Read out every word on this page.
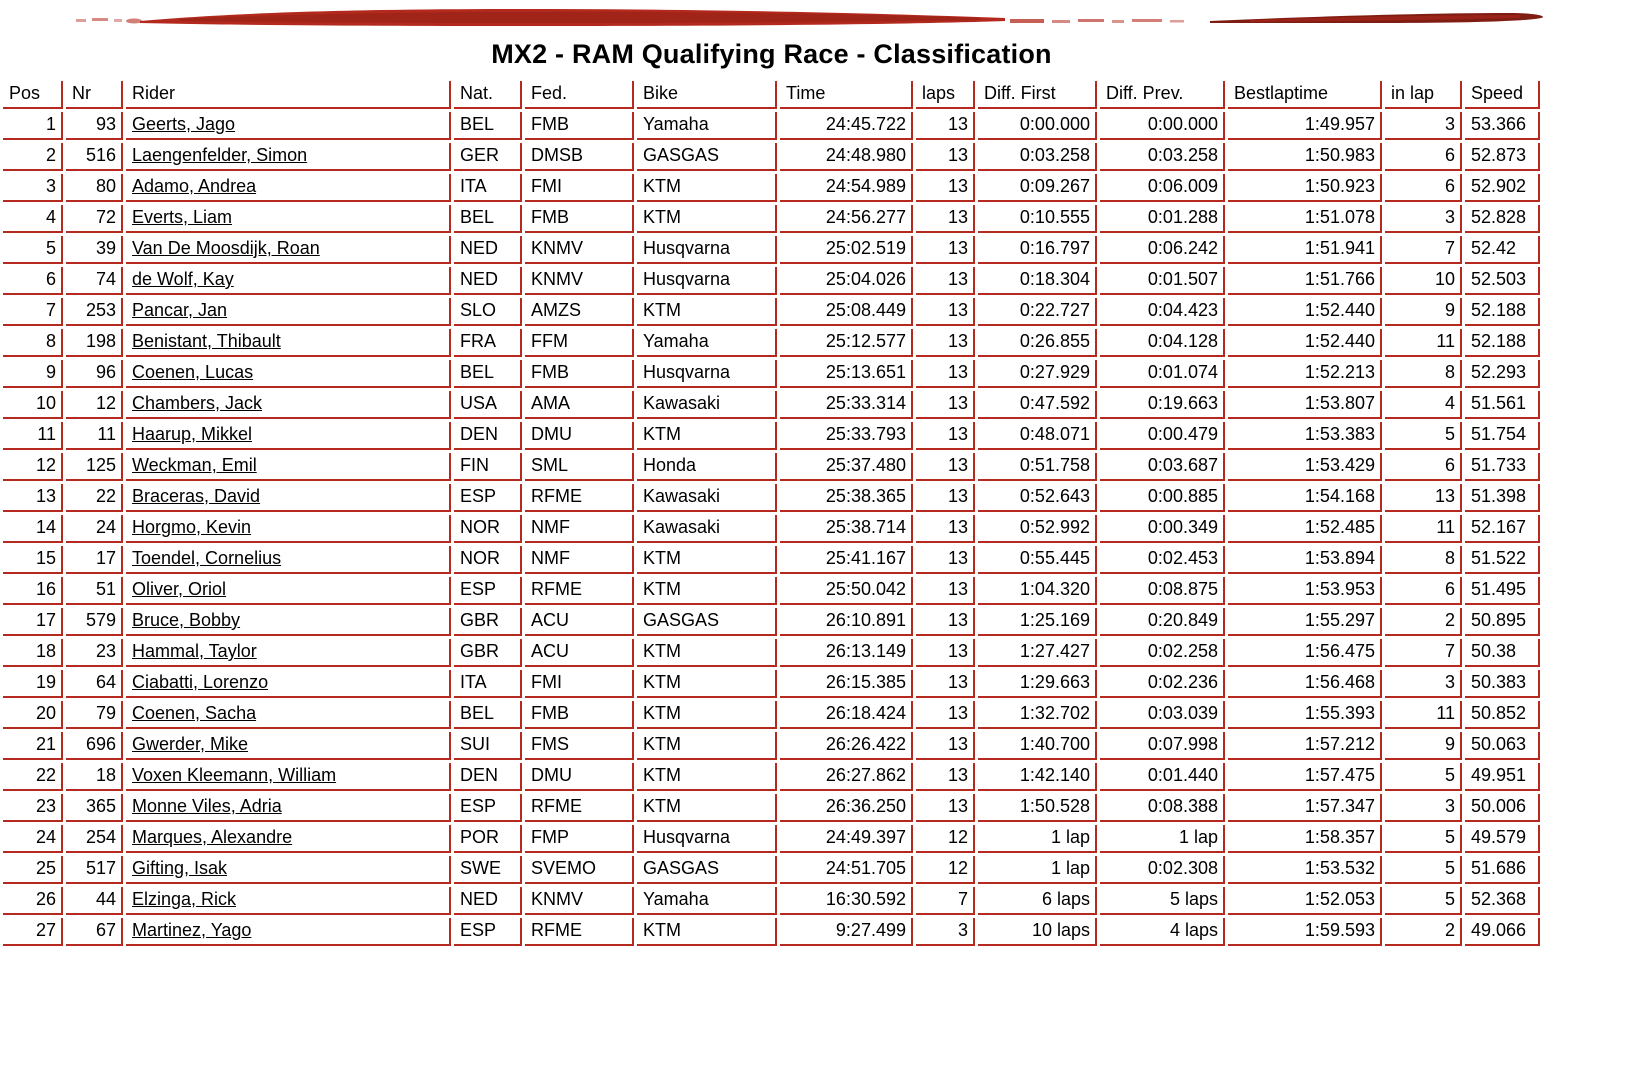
MX2 - RAM Qualifying Race - Classification
Pos	Nr	Rider	Nat.	Fed.	Bike	Time	laps	Diff. First	Diff. Prev.	Bestlaptime	in lap	Speed
1	93	Geerts, Jago	BEL	FMB	Yamaha	24:45.722	13	0:00.000	0:00.000	1:49.957	3	53.366
2	516	Laengenfelder, Simon	GER	DMSB	GASGAS	24:48.980	13	0:03.258	0:03.258	1:50.983	6	52.873
3	80	Adamo, Andrea	ITA	FMI	KTM	24:54.989	13	0:09.267	0:06.009	1:50.923	6	52.902
4	72	Everts, Liam	BEL	FMB	KTM	24:56.277	13	0:10.555	0:01.288	1:51.078	3	52.828
5	39	Van De Moosdijk, Roan	NED	KNMV	Husqvarna	25:02.519	13	0:16.797	0:06.242	1:51.941	7	52.42
6	74	de Wolf, Kay	NED	KNMV	Husqvarna	25:04.026	13	0:18.304	0:01.507	1:51.766	10	52.503
7	253	Pancar, Jan	SLO	AMZS	KTM	25:08.449	13	0:22.727	0:04.423	1:52.440	9	52.188
8	198	Benistant, Thibault	FRA	FFM	Yamaha	25:12.577	13	0:26.855	0:04.128	1:52.440	11	52.188
9	96	Coenen, Lucas	BEL	FMB	Husqvarna	25:13.651	13	0:27.929	0:01.074	1:52.213	8	52.293
10	12	Chambers, Jack	USA	AMA	Kawasaki	25:33.314	13	0:47.592	0:19.663	1:53.807	4	51.561
11	11	Haarup, Mikkel	DEN	DMU	KTM	25:33.793	13	0:48.071	0:00.479	1:53.383	5	51.754
12	125	Weckman, Emil	FIN	SML	Honda	25:37.480	13	0:51.758	0:03.687	1:53.429	6	51.733
13	22	Braceras, David	ESP	RFME	Kawasaki	25:38.365	13	0:52.643	0:00.885	1:54.168	13	51.398
14	24	Horgmo, Kevin	NOR	NMF	Kawasaki	25:38.714	13	0:52.992	0:00.349	1:52.485	11	52.167
15	17	Toendel, Cornelius	NOR	NMF	KTM	25:41.167	13	0:55.445	0:02.453	1:53.894	8	51.522
16	51	Oliver, Oriol	ESP	RFME	KTM	25:50.042	13	1:04.320	0:08.875	1:53.953	6	51.495
17	579	Bruce, Bobby	GBR	ACU	GASGAS	26:10.891	13	1:25.169	0:20.849	1:55.297	2	50.895
18	23	Hammal, Taylor	GBR	ACU	KTM	26:13.149	13	1:27.427	0:02.258	1:56.475	7	50.38
19	64	Ciabatti, Lorenzo	ITA	FMI	KTM	26:15.385	13	1:29.663	0:02.236	1:56.468	3	50.383
20	79	Coenen, Sacha	BEL	FMB	KTM	26:18.424	13	1:32.702	0:03.039	1:55.393	11	50.852
21	696	Gwerder, Mike	SUI	FMS	KTM	26:26.422	13	1:40.700	0:07.998	1:57.212	9	50.063
22	18	Voxen Kleemann, William	DEN	DMU	KTM	26:27.862	13	1:42.140	0:01.440	1:57.475	5	49.951
23	365	Monne Viles, Adria	ESP	RFME	KTM	26:36.250	13	1:50.528	0:08.388	1:57.347	3	50.006
24	254	Marques, Alexandre	POR	FMP	Husqvarna	24:49.397	12	1 lap	1 lap	1:58.357	5	49.579
25	517	Gifting, Isak	SWE	SVEMO	GASGAS	24:51.705	12	1 lap	0:02.308	1:53.532	5	51.686
26	44	Elzinga, Rick	NED	KNMV	Yamaha	16:30.592	7	6 laps	5 laps	1:52.053	5	52.368
27	67	Martinez, Yago	ESP	RFME	KTM	9:27.499	3	10 laps	4 laps	1:59.593	2	49.066
